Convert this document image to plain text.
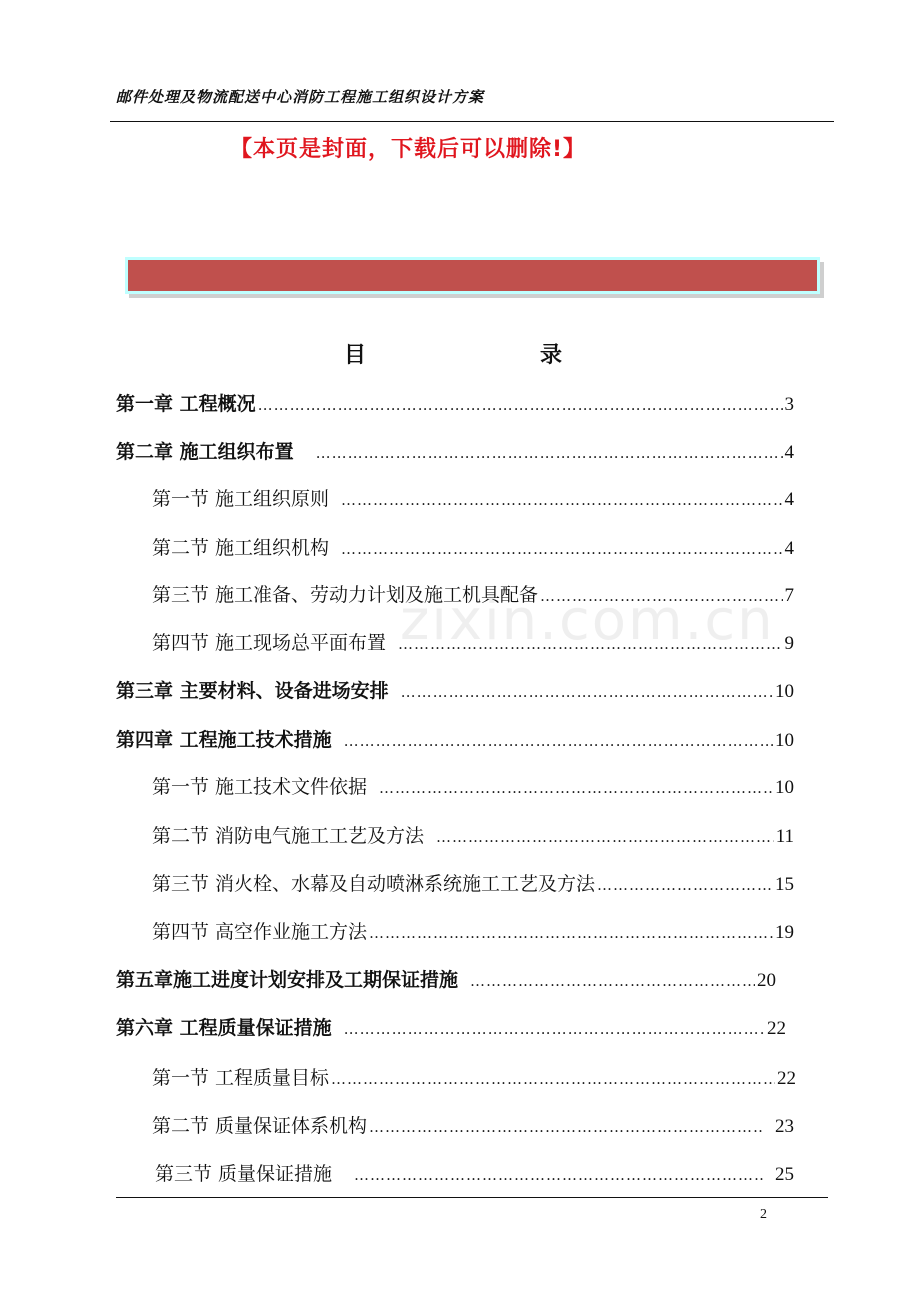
邮件处理及物流配送中心消防工程施工组织设计方案
【本页是封面，下载后可以删除!】
目	录
zixin.com.cn
第一章 工程概况 ………………………………………………………………………………………………………………………………	3
第二章 施工组织布置 ………………………………………………………………………………………………………………………………	4
第一节 施工组织原则 ………………………………………………………………………………………………………………………………	4
第二节 施工组织机构 ………………………………………………………………………………………………………………………………	4
第三节 施工准备、劳动力计划及施工机具配备 ………………………………………………………………………………………………………………………………	7
第四节 施工现场总平面布置 ………………………………………………………………………………………………………………………………	9
第三章 主要材料、设备进场安排 ………………………………………………………………………………………………………………………………	10
第四章 工程施工技术措施 ………………………………………………………………………………………………………………………………	10
第一节 施工技术文件依据 ………………………………………………………………………………………………………………………………	10
第二节 消防电气施工工艺及方法 ………………………………………………………………………………………………………………………………	11
第三节 消火栓、水幕及自动喷淋系统施工工艺及方法 ………………………………………………………………………………………………………………………………	15
第四节 高空作业施工方法 ………………………………………………………………………………………………………………………………	19
第五章施工进度计划安排及工期保证措施 ………………………………………………………………………………………………………………………………	20
第六章 工程质量保证措施 ………………………………………………………………………………………………………………………………	22
第一节 工程质量目标 ………………………………………………………………………………………………………………………………	22
第二节 质量保证体系机构 ………………………………………………………………………………………………………………………………	23
第三节 质量保证措施 ………………………………………………………………………………………………………………………………	25
2
